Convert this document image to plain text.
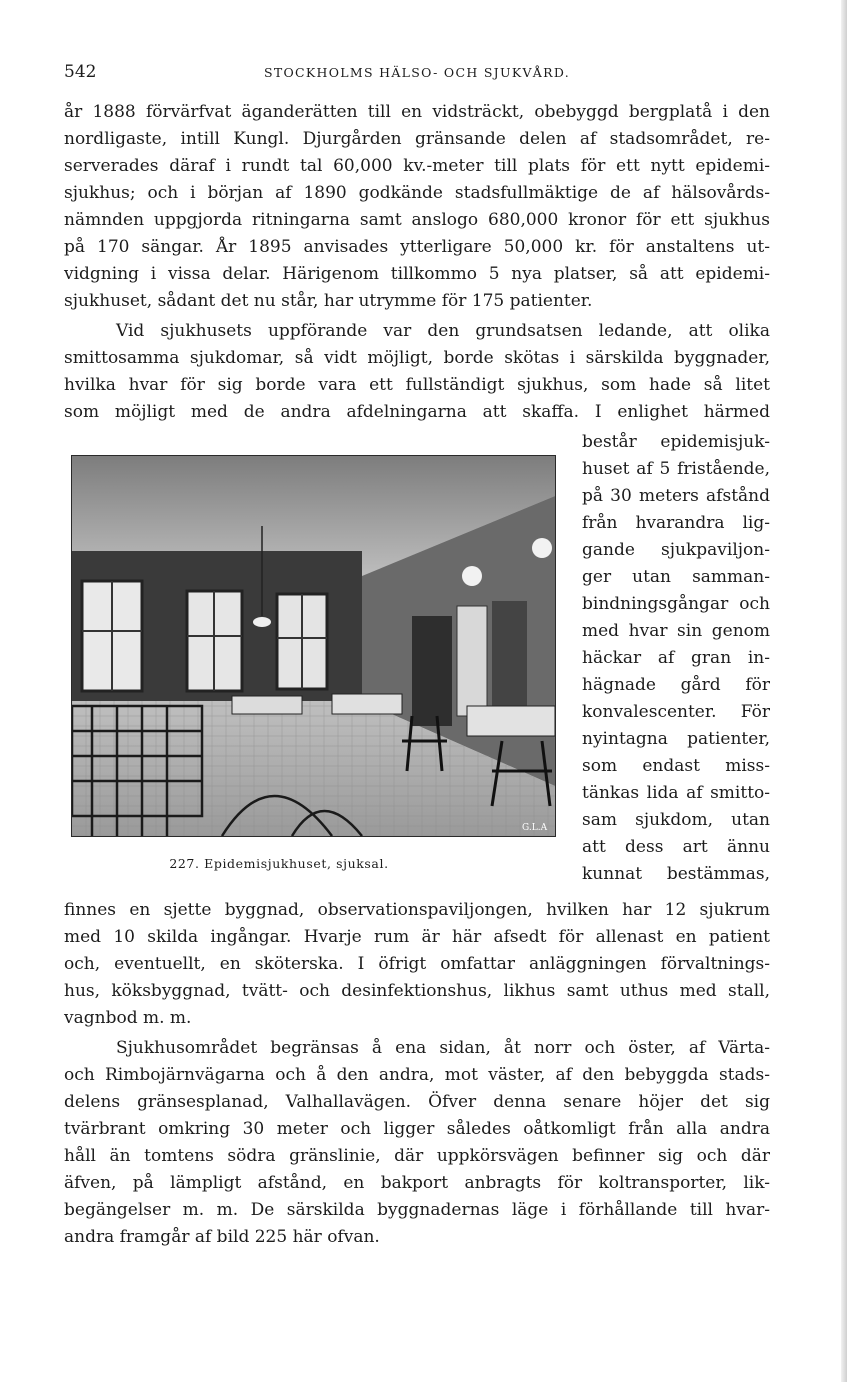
542	STOCKHOLMS HÄLSO- OCH SJUKVÅRD.
år 1888 förvärfvat äganderätten till en vidsträckt, obebyggd bergplatå i den
nordligaste, intill Kungl. Djurgården gränsande delen af stadsområdet, re-
serverades däraf i rundt tal 60,000 kv.-meter till plats för ett nytt epidemi-
sjukhus; och i början af 1890 godkände stadsfullmäktige de af hälsovårds-
nämnden uppgjorda ritningarna samt anslogo 680,000 kronor för ett sjukhus
på 170 sängar. År 1895 anvisades ytterligare 50,000 kr. för anstaltens ut-
vidgning i vissa delar. Härigenom tillkommo 5 nya platser, så att epidemi-
sjukhuset, sådant det nu står, har utrymme för 175 patienter.
Vid sjukhusets uppförande var den grundsatsen ledande, att olika
smittosamma sjukdomar, så vidt möjligt, borde skötas i särskilda byggnader,
hvilka hvar för sig borde vara ett fullständigt sjukhus, som hade så litet
som möjligt med de andra afdelningarna att skaffa. I enlighet härmed
består epidemisjuk-
huset af 5 fristående,
på 30 meters afstånd
från hvarandra lig-
gande sjukpaviljon-
ger utan samman-
bindningsgångar och
med hvar sin genom
häckar af gran in-
hägnade gård för
konvalescenter. För
nyintagna patienter,
som endast miss-
tänkas lida af smitto-
sam sjukdom, utan
att dess art ännu
kunnat bestämmas,
G.L.A
227. Epidemisjukhuset, sjuksal.
finnes en sjette byggnad, observationspaviljongen, hvilken har 12 sjukrum
med 10 skilda ingångar. Hvarje rum är här afsedt för allenast en patient
och, eventuellt, en sköterska. I öfrigt omfattar anläggningen förvaltnings-
hus, köksbyggnad, tvätt- och desinfektionshus, likhus samt uthus med stall,
vagnbod m. m.
Sjukhusområdet begränsas å ena sidan, åt norr och öster, af Värta-
och Rimbojärnvägarna och å den andra, mot väster, af den bebyggda stads-
delens gränsesplanad, Valhallavägen. Öfver denna senare höjer det sig
tvärbrant omkring 30 meter och ligger således oåtkomligt från alla andra
håll än tomtens södra gränslinie, där uppkörsvägen befinner sig och där
äfven, på lämpligt afstånd, en bakport anbragts för koltransporter, lik-
begängelser m. m. De särskilda byggnadernas läge i förhållande till hvar-
andra framgår af bild 225 här ofvan.
